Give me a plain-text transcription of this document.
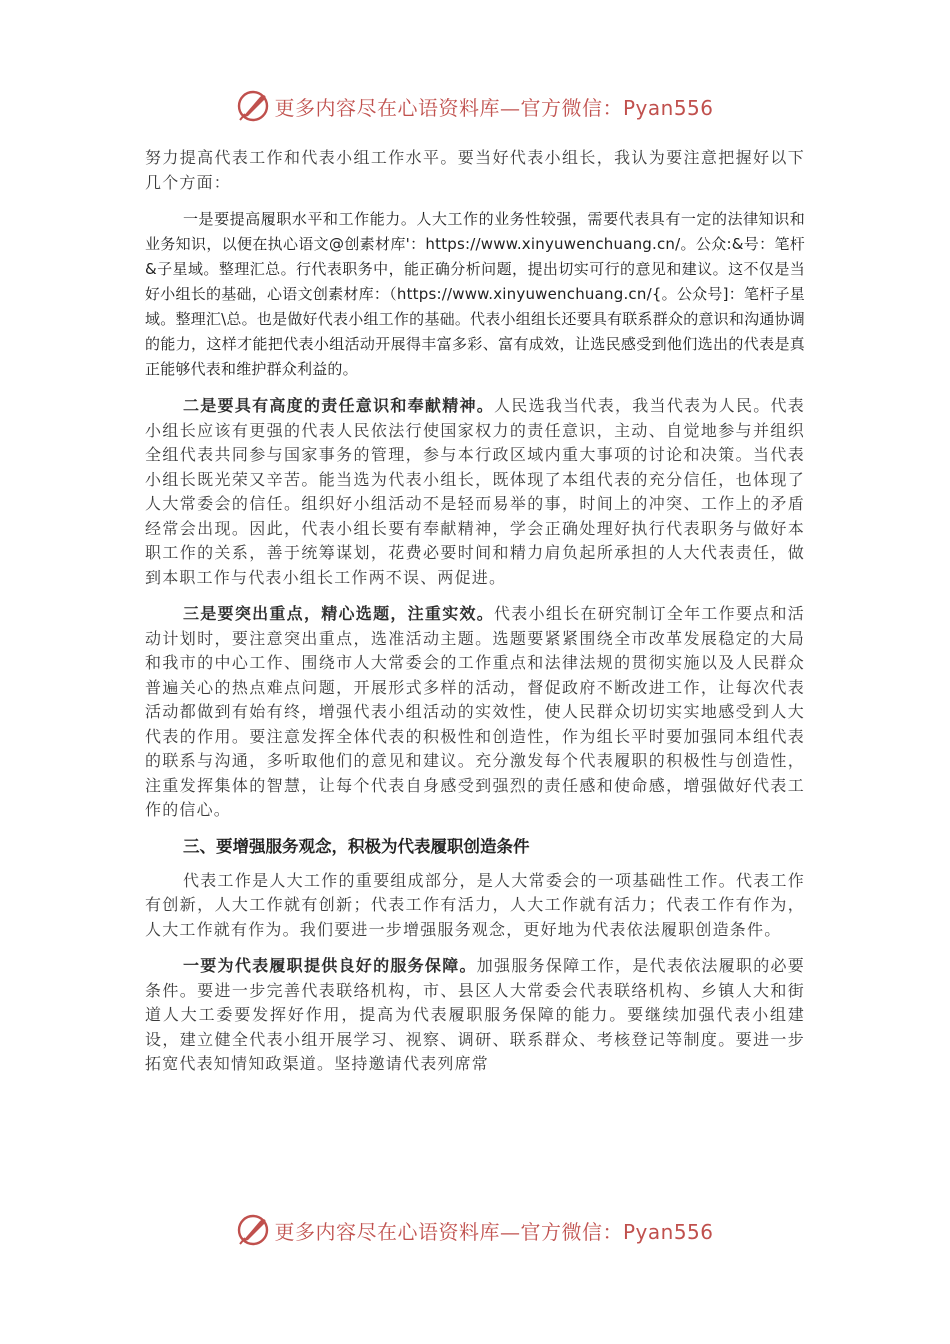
更多内容尽在心语资料库—官方微信：Pyan556

努力提高代表工作和代表小组工作水平。要当好代表小组长，我认为要注意把握好以下几个方面：

一是要提高履职水平和工作能力。人大工作的业务性较强，需要代表具有一定的法律知识和业务知识，以便在执心语文@创素材库'：https://www.xinyuwenchuang.cn/。公众:&号：笔杆&子星域。整理汇总。行代表职务中，能正确分析问题，提出切实可行的意见和建议。这不仅是当好小组长的基础，心语文创素材库：（https://www.xinyuwenchuang.cn/{。公众号]：笔杆子星域。整理汇\总。也是做好代表小组工作的基础。代表小组组长还要具有联系群众的意识和沟通协调的能力，这样才能把代表小组活动开展得丰富多彩、富有成效，让选民感受到他们选出的代表是真正能够代表和维护群众利益的。

二是要具有高度的责任意识和奉献精神。人民选我当代表，我当代表为人民。代表小组长应该有更强的代表人民依法行使国家权力的责任意识，主动、自觉地参与并组织全组代表共同参与国家事务的管理，参与本行政区域内重大事项的讨论和决策。当代表小组长既光荣又辛苦。能当选为代表小组长，既体现了本组代表的充分信任，也体现了人大常委会的信任。组织好小组活动不是轻而易举的事，时间上的冲突、工作上的矛盾经常会出现。因此，代表小组长要有奉献精神，学会正确处理好执行代表职务与做好本职工作的关系，善于统筹谋划，花费必要时间和精力肩负起所承担的人大代表责任，做到本职工作与代表小组长工作两不误、两促进。

三是要突出重点，精心选题，注重实效。代表小组长在研究制订全年工作要点和活动计划时，要注意突出重点，选准活动主题。选题要紧紧围绕全市改革发展稳定的大局和我市的中心工作、围绕市人大常委会的工作重点和法律法规的贯彻实施以及人民群众普遍关心的热点难点问题，开展形式多样的活动，督促政府不断改进工作，让每次代表活动都做到有始有终，增强代表小组活动的实效性，使人民群众切切实实地感受到人大代表的作用。要注意发挥全体代表的积极性和创造性，作为组长平时要加强同本组代表的联系与沟通，多听取他们的意见和建议。充分激发每个代表履职的积极性与创造性，注重发挥集体的智慧，让每个代表自身感受到强烈的责任感和使命感，增强做好代表工作的信心。

三、要增强服务观念，积极为代表履职创造条件

代表工作是人大工作的重要组成部分，是人大常委会的一项基础性工作。代表工作有创新，人大工作就有创新；代表工作有活力，人大工作就有活力；代表工作有作为，人大工作就有作为。我们要进一步增强服务观念，更好地为代表依法履职创造条件。

一要为代表履职提供良好的服务保障。加强服务保障工作，是代表依法履职的必要条件。要进一步完善代表联络机构，市、县区人大常委会代表联络机构、乡镇人大和街道人大工委要发挥好作用，提高为代表履职服务保障的能力。要继续加强代表小组建设，建立健全代表小组开展学习、视察、调研、联系群众、考核登记等制度。要进一步拓宽代表知情知政渠道。坚持邀请代表列席常

更多内容尽在心语资料库—官方微信：Pyan556
